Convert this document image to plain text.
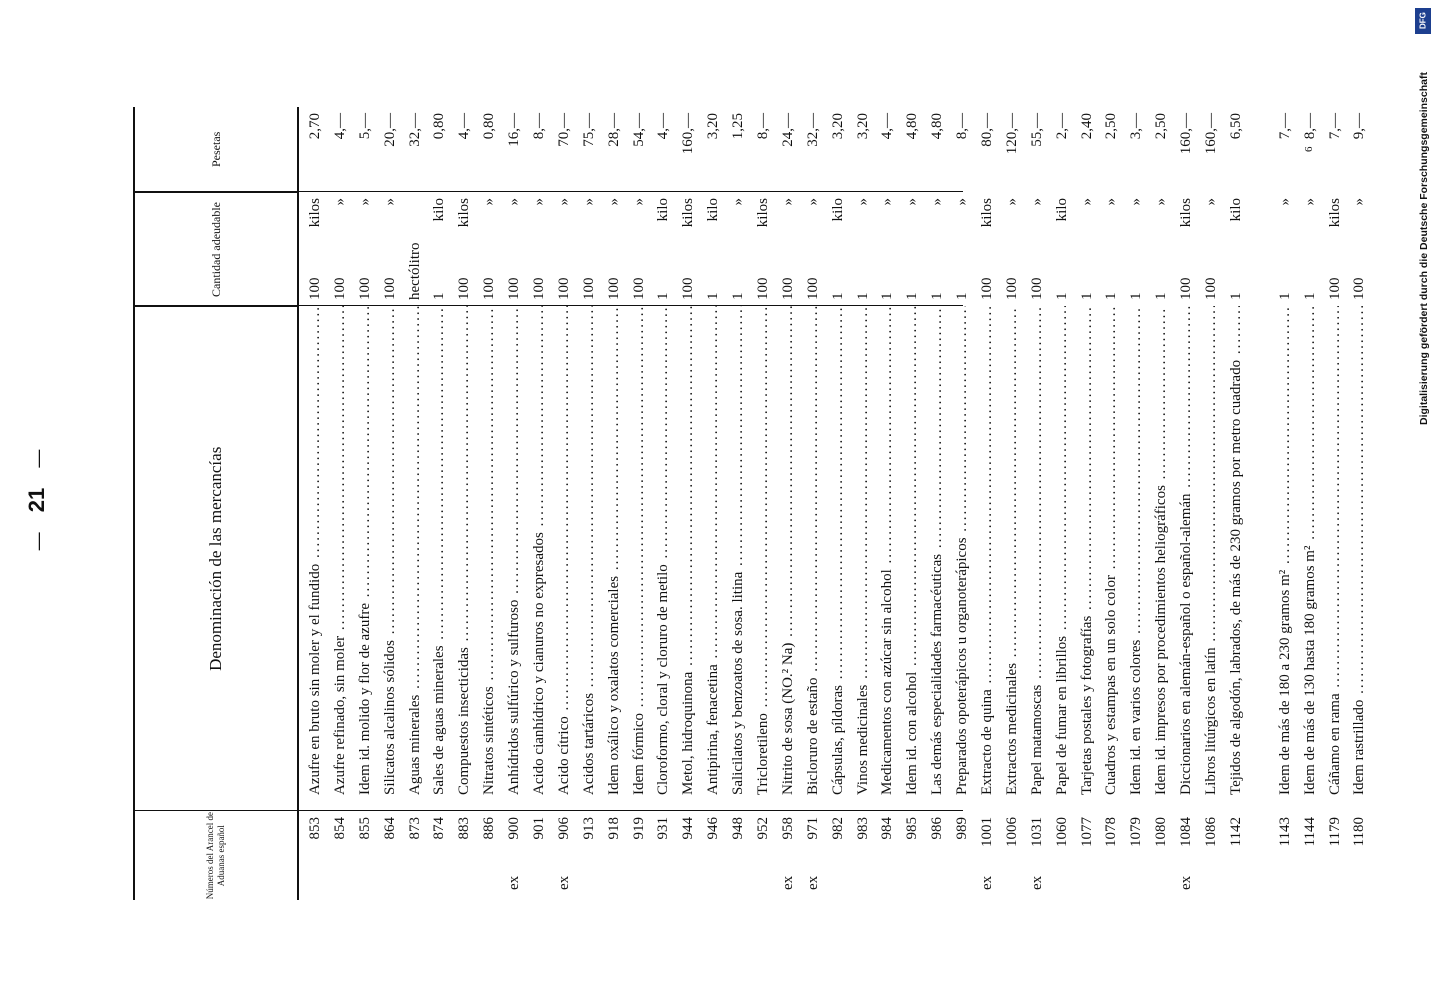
— 21 —
Números del Arancel de Aduanas español
Denominación de las mercancías
Cantidad adeudable
Pesetas
853
Azufre en bruto sin moler y el fundido .....
100
kilos
2,70
854
Azufre refinado, sin moler .....
100
»
4,—
855
Idem id. molido y flor de azufre .....
100
»
5,—
864
Silicatos alcalinos sólidos .....
100
»
20,—
873
Aguas minerales .....
hectólitro
32,—
874
Sales de aguas minerales .....
1
kilo
0,80
883
Compuestos insecticidas .....
100
kilos
4,—
886
Nitratos sintéticos .....
100
»
0,80
ex
900
Anhídridos sulfúrico y sulfuroso .....
100
»
16,—
901
Acido cianhídrico y cianuros no expresados .....
100
»
8,—
ex
906
Acido cítrico .....
100
»
70,—
913
Acidos tartáricos .....
100
»
75,—
918
Idem oxálico y oxalatos comerciales .....
100
»
28,—
919
Idem fórmico .....
100
»
54,—
931
Cloroformo, cloral y cloruro de metilo .....
1
kilo
4,—
944
Metol, hidroquinona .....
100
kilos
160,—
946
Antipirina, fenacetina .....
1
kilo
3,20
948
Salicilatos y benzoatos de sosa. litina .....
1
»
1,25
952
Tricloretileno .....
100
kilos
8,—
ex
958
Nitrito de sosa (NO.² Na) .....
100
»
24,—
ex
971
Bicloruro de estaño .....
100
»
32,—
982
Cápsulas, píldoras .....
1
kilo
3,20
983
Vinos medicinales .....
1
»
3,20
984
Medicamentos con azúcar sin alcohol .....
1
»
4,—
985
Idem id. con alcohol .....
1
»
4,80
986
Las demás especialidades farmacéuticas .....
1
»
4,80
989
Preparados opoterápicos u organoterápicos .....
1
»
8,—
ex
1001
Extracto de quina .....
100
kilos
80,—
1006
Extractos medicinales .....
100
»
120,—
ex
1031
Papel matamoscas .....
100
»
55,—
1060
Papel de fumar en librillos .....
1
kilo
2,—
1077
Tarjetas postales y fotografías .....
1
»
2,40
1078
Cuadros y estampas en un solo color .....
1
»
2,50
1079
Idem id. en varios colores .....
1
»
3,—
1080
Idem id. impresos por procedimientos heliográficos .....
1
»
2,50
ex
1084
Diccionarios en alemán-español o español-alemán .....
100
kilos
160,—
1086
Libros litúrgicos en latín .....
100
»
160,—
1142
Tejidos de algodón, labrados, de más de 230 gramos por metro cuadrado .....
1
kilo
6,50
1143
Idem de más de 180 a 230 gramos m² .....
1
»
7,—
1144
Idem de más de 130 hasta 180 gramos m² .....
1
»
8,—
1179
Cáñamo en rama .....
100
kilos
7,—
1180
Idem rastrillado .....
100
»
9,—
6	Digitalisierung gefördert durch die Deutsche Forschungsgemeinschaft
DFG
